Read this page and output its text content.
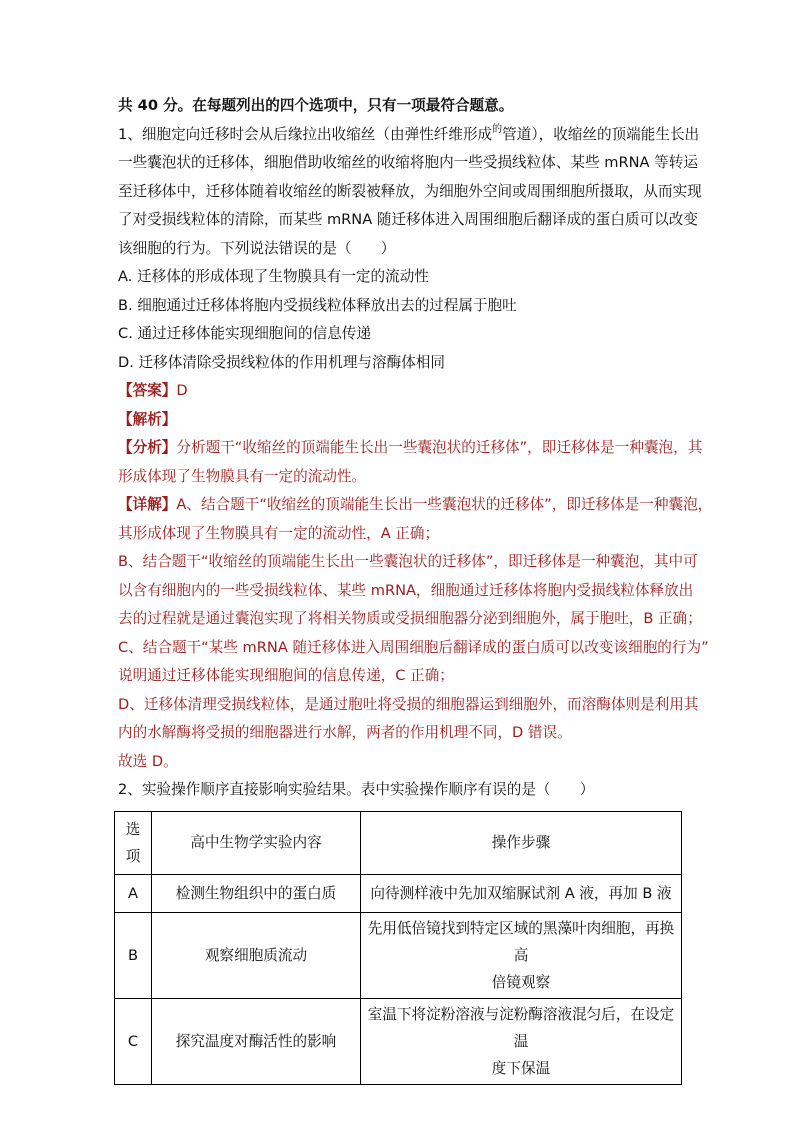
共 40 分。在每题列出的四个选项中，只有一项最符合题意。
1、细胞定向迁移时会从后缘拉出收缩丝（由弹性纤维形成$^的$管道），收缩丝的顶端能生长出
一些囊泡状的迁移体，细胞借助收缩丝的收缩将胞内一些受损线粒体、某些 mRNA 等转运
至迁移体中，迁移体随着收缩丝的断裂被释放，为细胞外空间或周围细胞所摄取，从而实现
了对受损线粒体的清除，而某些 mRNA 随迁移体进入周围细胞后翻译成的蛋白质可以改变
该细胞的行为。下列说法错误的是（　　）
A. 迁移体的形成体现了生物膜具有一定的流动性
B. 细胞通过迁移体将胞内受损线粒体释放出去的过程属于胞吐
C. 通过迁移体能实现细胞间的信息传递
D. 迁移体清除受损线粒体的作用机理与溶酶体相同
【答案】D
【解析】
【分析】分析题干“收缩丝的顶端能生长出一些囊泡状的迁移体”，即迁移体是一种囊泡，其
形成体现了生物膜具有一定的流动性。
【详解】A、结合题干“收缩丝的顶端能生长出一些囊泡状的迁移体”，即迁移体是一种囊泡，
其形成体现了生物膜具有一定的流动性，A 正确；
B、结合题干“收缩丝的顶端能生长出一些囊泡状的迁移体”，即迁移体是一种囊泡，其中可
以含有细胞内的一些受损线粒体、某些 mRNA，细胞通过迁移体将胞内受损线粒体释放出
去的过程就是通过囊泡实现了将相关物质或受损细胞器分泌到细胞外，属于胞吐，B 正确；
C、结合题干“某些 mRNA 随迁移体进入周围细胞后翻译成的蛋白质可以改变该细胞的行为”
说明通过迁移体能实现细胞间的信息传递，C 正确；
D、迁移体清理受损线粒体，是通过胞吐将受损的细胞器运到细胞外，而溶酶体则是利用其
内的水解酶将受损的细胞器进行水解，两者的作用机理不同，D 错误。
故选 D。
2、实验操作顺序直接影响实验结果。表中实验操作顺序有误的是（　　）
选
项	高中生物学实验内容	操作步骤
A	检测生物组织中的蛋白质	向待测样液中先加双缩脲试剂 A 液，再加 B 液
B	观察细胞质流动	先用低倍镜找到特定区域的黑藻叶肉细胞，再换高
倍镜观察

C	探究温度对酶活性的影响	室温下将淀粉溶液与淀粉酶溶液混匀后，在设定温
度下保温
